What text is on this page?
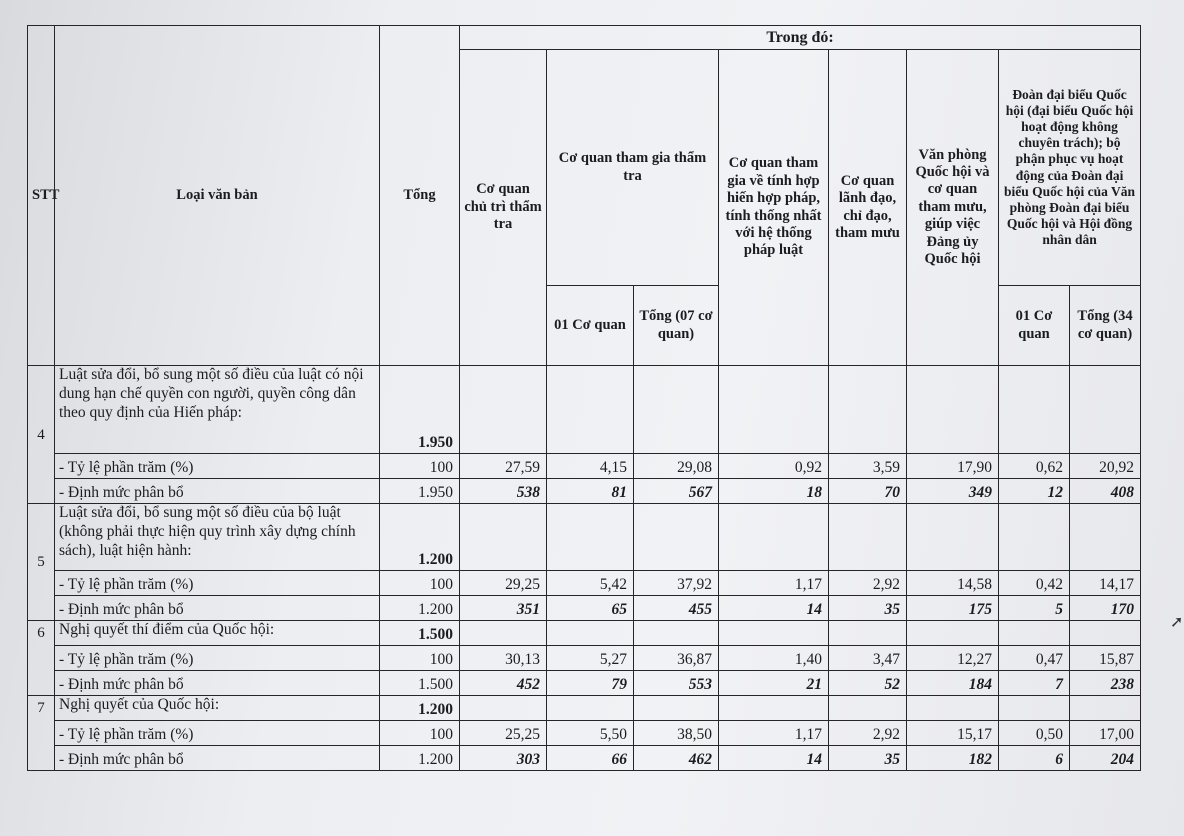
STT	Loại văn bản	Tổng	Trong đó:							
			Cơ quan chủ trì thẩm tra	Cơ quan tham gia thẩm tra		Cơ quan tham gia về tính hợp hiến hợp pháp, tính thống nhất với hệ thống pháp luật	Cơ quan lãnh đạo, chỉ đạo, tham mưu	Văn phòng Quốc hội và cơ quan tham mưu, giúp việc Đảng ủy Quốc hội	Đoàn đại biểu Quốc hội (đại biểu Quốc hội hoạt động không chuyên trách); bộ phận phục vụ hoạt động của Đoàn đại biểu Quốc hội của Văn phòng Đoàn đại biểu Quốc hội và Hội đồng nhân dân	
				01 Cơ quan	Tổng (07 cơ quan)				01 Cơ quan	Tổng (34 cơ quan)
4	Luật sửa đổi, bổ sung một số điều của luật có nội dung hạn chế quyền con người, quyền công dân theo quy định của Hiến pháp:	1.950								
	- Tỷ lệ phần trăm (%)	100	27,59	4,15	29,08	0,92	3,59	17,90	0,62	20,92
	- Định mức phân bổ	1.950	538	81	567	18	70	349	12	408
5	Luật sửa đổi, bổ sung một số điều của bộ luật (không phải thực hiện quy trình xây dựng chính sách), luật hiện hành:	1.200								
	- Tỷ lệ phần trăm (%)	100	29,25	5,42	37,92	1,17	2,92	14,58	0,42	14,17
	- Định mức phân bổ	1.200	351	65	455	14	35	175	5	170
6	Nghị quyết thí điểm của Quốc hội:	1.500								
	- Tỷ lệ phần trăm (%)	100	30,13	5,27	36,87	1,40	3,47	12,27	0,47	15,87
	- Định mức phân bổ	1.500	452	79	553	21	52	184	7	238
7	Nghị quyết của Quốc hội:	1.200								
	- Tỷ lệ phần trăm (%)	100	25,25	5,50	38,50	1,17	2,92	15,17	0,50	17,00
	- Định mức phân bổ	1.200	303	66	462	14	35	182	6	204
➚
